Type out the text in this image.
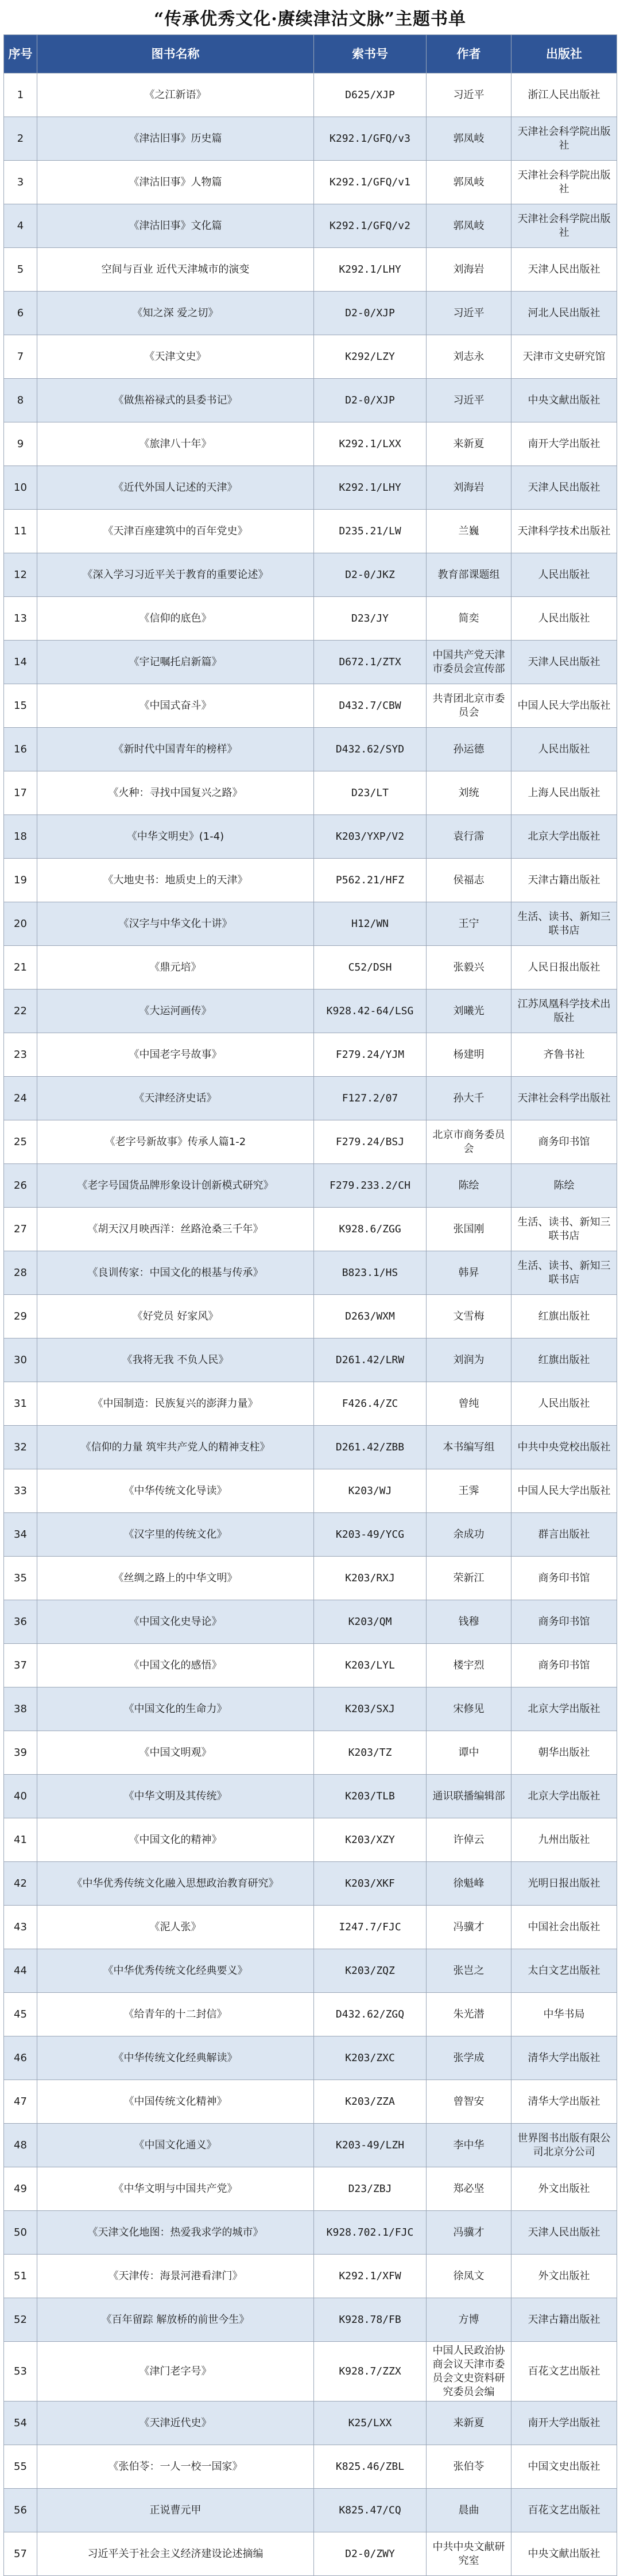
“传承优秀文化·赓续津沽文脉”主题书单
序号	图书名称	索书号	作者	出版社
1	《之江新语》	D625/XJP	习近平	浙江人民出版社
2	《津沽旧事》历史篇	K292.1/GFQ/v3	郭凤岐	天津社会科学院出版社
3	《津沽旧事》人物篇	K292.1/GFQ/v1	郭凤岐	天津社会科学院出版社
4	《津沽旧事》文化篇	K292.1/GFQ/v2	郭凤岐	天津社会科学院出版社
5	空间与百业 近代天津城市的演变	K292.1/LHY	刘海岩	天津人民出版社
6	《知之深 爱之切》	D2-0/XJP	习近平	河北人民出版社
7	《天津文史》	K292/LZY	刘志永	天津市文史研究馆
8	《做焦裕禄式的县委书记》	D2-0/XJP	习近平	中央文献出版社
9	《旅津八十年》	K292.1/LXX	来新夏	南开大学出版社
10	《近代外国人记述的天津》	K292.1/LHY	刘海岩	天津人民出版社
11	《天津百座建筑中的百年党史》	D235.21/LW	兰巍	天津科学技术出版社
12	《深入学习习近平关于教育的重要论述》	D2-0/JKZ	教育部课题组	人民出版社
13	《信仰的底色》	D23/JY	简奕	人民出版社
14	《宇记嘱托启新篇》	D672.1/ZTX	中国共产党天津市委员会宣传部	天津人民出版社
15	《中国式奋斗》	D432.7/CBW	共青团北京市委员会	中国人民大学出版社
16	《新时代中国青年的榜样》	D432.62/SYD	孙运德	人民出版社
17	《火种：寻找中国复兴之路》	D23/LT	刘统	上海人民出版社
18	《中华文明史》(1-4)	K203/YXP/V2	袁行霈	北京大学出版社
19	《大地史书：地质史上的天津》	P562.21/HFZ	侯福志	天津古籍出版社
20	《汉字与中华文化十讲》	H12/WN	王宁	生活、读书、新知三联书店
21	《鼎元培》	C52/DSH	张毅兴	人民日报出版社
22	《大运河画传》	K928.42-64/LSG	刘曦光	江苏凤凰科学技术出版社
23	《中国老字号故事》	F279.24/YJM	杨建明	齐鲁书社
24	《天津经济史话》	F127.2/07	孙大千	天津社会科学出版社
25	《老字号新故事》传承人篇1-2	F279.24/BSJ	北京市商务委员会	商务印书馆
26	《老字号国货品牌形象设计创新模式研究》	F279.233.2/CH	陈绘	陈绘
27	《胡天汉月映西洋：丝路沧桑三千年》	K928.6/ZGG	张国刚	生活、读书、新知三联书店
28	《良训传家：中国文化的根基与传承》	B823.1/HS	韩昇	生活、读书、新知三联书店
29	《好党员 好家风》	D263/WXM	文雪梅	红旗出版社
30	《我将无我 不负人民》	D261.42/LRW	刘润为	红旗出版社
31	《中国制造：民族复兴的澎湃力量》	F426.4/ZC	曾纯	人民出版社
32	《信仰的力量 筑牢共产党人的精神支柱》	D261.42/ZBB	本书编写组	中共中央党校出版社
33	《中华传统文化导读》	K203/WJ	王霁	中国人民大学出版社
34	《汉字里的传统文化》	K203-49/YCG	余成功	群言出版社
35	《丝绸之路上的中华文明》	K203/RXJ	荣新江	商务印书馆
36	《中国文化史导论》	K203/QM	钱穆	商务印书馆
37	《中国文化的感悟》	K203/LYL	楼宇烈	商务印书馆
38	《中国文化的生命力》	K203/SXJ	宋修见	北京大学出版社
39	《中国文明观》	K203/TZ	谭中	朝华出版社
40	《中华文明及其传统》	K203/TLB	通识联播编辑部	北京大学出版社
41	《中国文化的精神》	K203/XZY	许倬云	九州出版社
42	《中华优秀传统文化融入思想政治教育研究》	K203/XKF	徐魁峰	光明日报出版社
43	《泥人张》	I247.7/FJC	冯骥才	中国社会出版社
44	《中华优秀传统文化经典要义》	K203/ZQZ	张岂之	太白文艺出版社
45	《给青年的十二封信》	D432.62/ZGQ	朱光潜	中华书局
46	《中华传统文化经典解读》	K203/ZXC	张学成	清华大学出版社
47	《中国传统文化精神》	K203/ZZA	曾智安	清华大学出版社
48	《中国文化通义》	K203-49/LZH	李中华	世界图书出版有限公司北京分公司
49	《中华文明与中国共产党》	D23/ZBJ	郑必坚	外文出版社
50	《天津文化地图：热爱我求学的城市》	K928.702.1/FJC	冯骥才	天津人民出版社
51	《天津传：海景河港看津门》	K292.1/XFW	徐凤文	外文出版社
52	《百年留踪 解放桥的前世今生》	K928.78/FB	方博	天津古籍出版社
53	《津门老字号》	K928.7/ZZX	中国人民政治协商会议天津市委员会文史资料研究委员会编	百花文艺出版社
54	《天津近代史》	K25/LXX	来新夏	南开大学出版社
55	《张伯苓：一人一校一国家》	K825.46/ZBL	张伯苓	中国文史出版社
56	正说曹元甲	K825.47/CQ	晨曲	百花文艺出版社
57	习近平关于社会主义经济建设论述摘编	D2-0/ZWY	中共中央文献研究室	中央文献出版社
